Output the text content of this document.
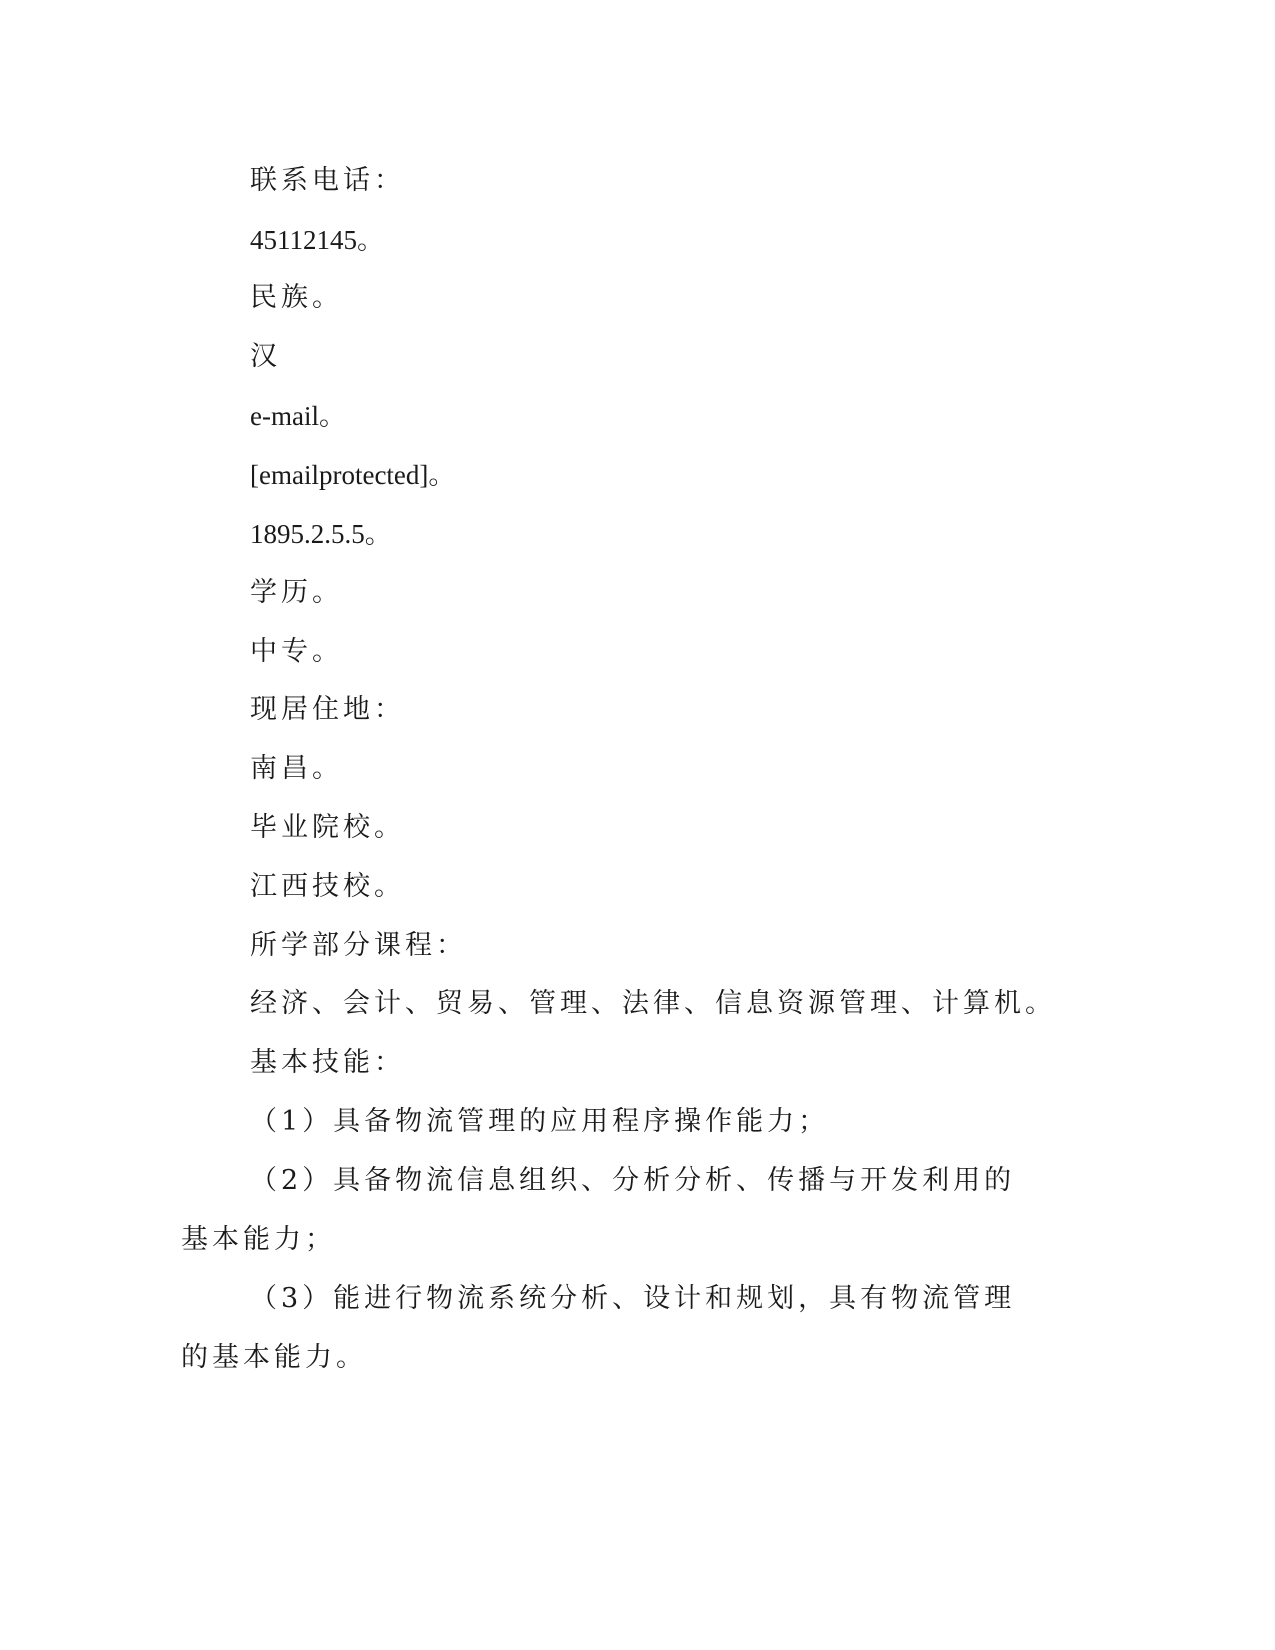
联系电话：

45112145。

民族。

汉

e-mail。

[emailprotected]。

1895.2.5.5。

学历。

中专。

现居住地：

南昌。

毕业院校。

江西技校。

所学部分课程：

经济、会计、贸易、管理、法律、信息资源管理、计算机。

基本技能：

（1）具备物流管理的应用程序操作能力；

（2）具备物流信息组织、分析分析、传播与开发利用的基本能力；

（3）能进行物流系统分析、设计和规划，具有物流管理的基本能力。
